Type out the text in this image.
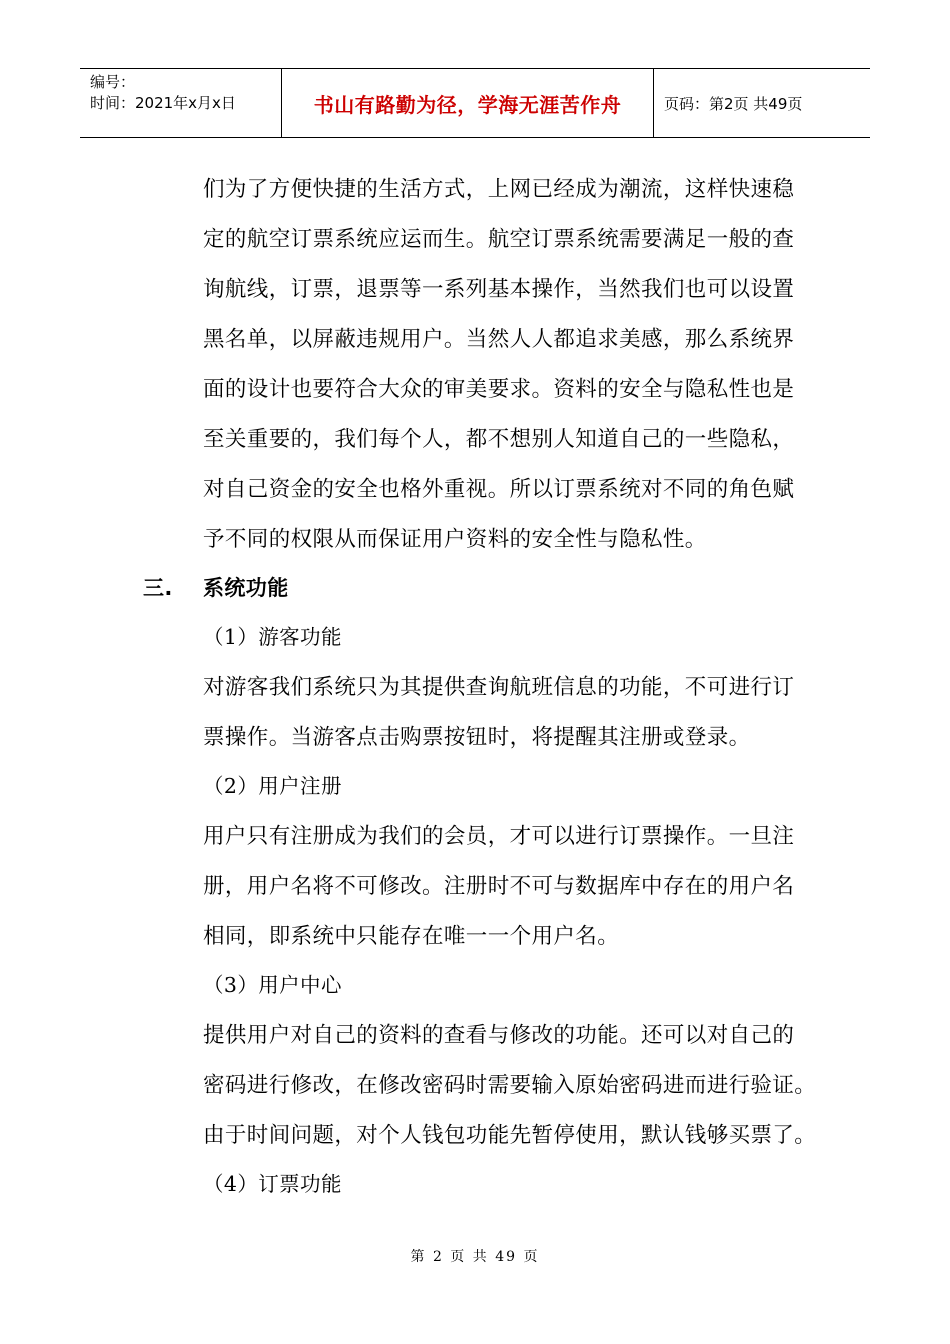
编号：
时间：2021年x月x日	书山有路勤为径，学海无涯苦作舟	页码：第2页 共49页
们为了方便快捷的生活方式，上网已经成为潮流，这样快速稳
定的航空订票系统应运而生。航空订票系统需要满足一般的查
询航线，订票，退票等一系列基本操作，当然我们也可以设置
黑名单，以屏蔽违规用户。当然人人都追求美感，那么系统界
面的设计也要符合大众的审美要求。资料的安全与隐私性也是
至关重要的，我们每个人，都不想别人知道自己的一些隐私，
对自己资金的安全也格外重视。所以订票系统对不同的角色赋
予不同的权限从而保证用户资料的安全性与隐私性。
三. 系统功能
（1）游客功能
对游客我们系统只为其提供查询航班信息的功能，不可进行订
票操作。当游客点击购票按钮时，将提醒其注册或登录。
（2）用户注册
用户只有注册成为我们的会员，才可以进行订票操作。一旦注
册，用户名将不可修改。注册时不可与数据库中存在的用户名
相同，即系统中只能存在唯一一个用户名。
（3）用户中心
提供用户对自己的资料的查看与修改的功能。还可以对自己的
密码进行修改，在修改密码时需要输入原始密码进而进行验证。
由于时间问题，对个人钱包功能先暂停使用，默认钱够买票了。
（4）订票功能
第 2 页 共 49 页
